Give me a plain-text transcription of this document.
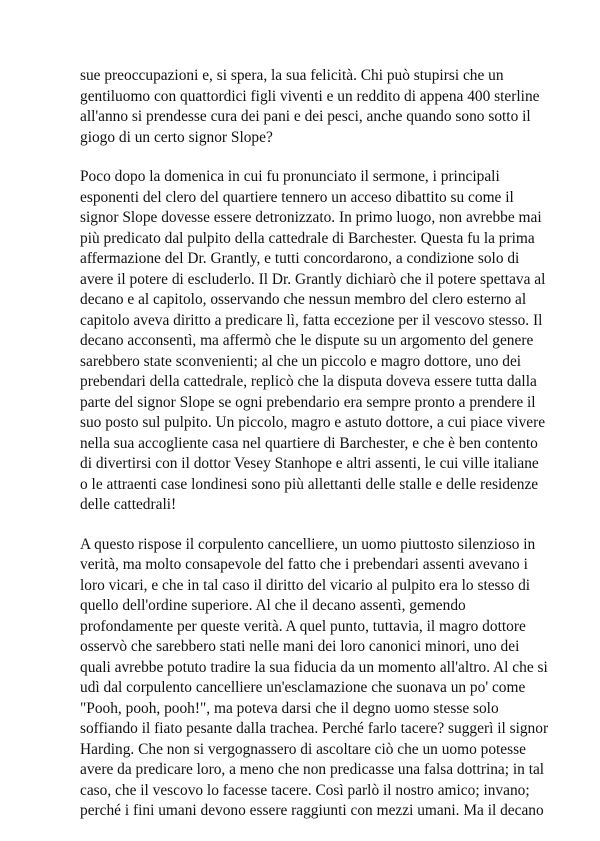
sue preoccupazioni e, si spera, la sua felicità. Chi può stupirsi che un
gentiluomo con quattordici figli viventi e un reddito di appena 400 sterline
all'anno si prendesse cura dei pani e dei pesci, anche quando sono sotto il
giogo di un certo signor Slope?
Poco dopo la domenica in cui fu pronunciato il sermone, i principali
esponenti del clero del quartiere tennero un acceso dibattito su come il
signor Slope dovesse essere detronizzato. In primo luogo, non avrebbe mai
più predicato dal pulpito della cattedrale di Barchester. Questa fu la prima
affermazione del Dr. Grantly, e tutti concordarono, a condizione solo di
avere il potere di escluderlo. Il Dr. Grantly dichiarò che il potere spettava al
decano e al capitolo, osservando che nessun membro del clero esterno al
capitolo aveva diritto a predicare lì, fatta eccezione per il vescovo stesso. Il
decano acconsentì, ma affermò che le dispute su un argomento del genere
sarebbero state sconvenienti; al che un piccolo e magro dottore, uno dei
prebendari della cattedrale, replicò che la disputa doveva essere tutta dalla
parte del signor Slope se ogni prebendario era sempre pronto a prendere il
suo posto sul pulpito. Un piccolo, magro e astuto dottore, a cui piace vivere
nella sua accogliente casa nel quartiere di Barchester, e che è ben contento
di divertirsi con il dottor Vesey Stanhope e altri assenti, le cui ville italiane
o le attraenti case londinesi sono più allettanti delle stalle e delle residenze
delle cattedrali!
A questo rispose il corpulento cancelliere, un uomo piuttosto silenzioso in
verità, ma molto consapevole del fatto che i prebendari assenti avevano i
loro vicari, e che in tal caso il diritto del vicario al pulpito era lo stesso di
quello dell'ordine superiore. Al che il decano assentì, gemendo
profondamente per queste verità. A quel punto, tuttavia, il magro dottore
osservò che sarebbero stati nelle mani dei loro canonici minori, uno dei
quali avrebbe potuto tradire la sua fiducia da un momento all'altro. Al che si
udì dal corpulento cancelliere un'esclamazione che suonava un po' come
"Pooh, pooh, pooh!", ma poteva darsi che il degno uomo stesse solo
soffiando il fiato pesante dalla trachea. Perché farlo tacere? suggerì il signor
Harding. Che non si vergognassero di ascoltare ciò che un uomo potesse
avere da predicare loro, a meno che non predicasse una falsa dottrina; in tal
caso, che il vescovo lo facesse tacere. Così parlò il nostro amico; invano;
perché i fini umani devono essere raggiunti con mezzi umani. Ma il decano
